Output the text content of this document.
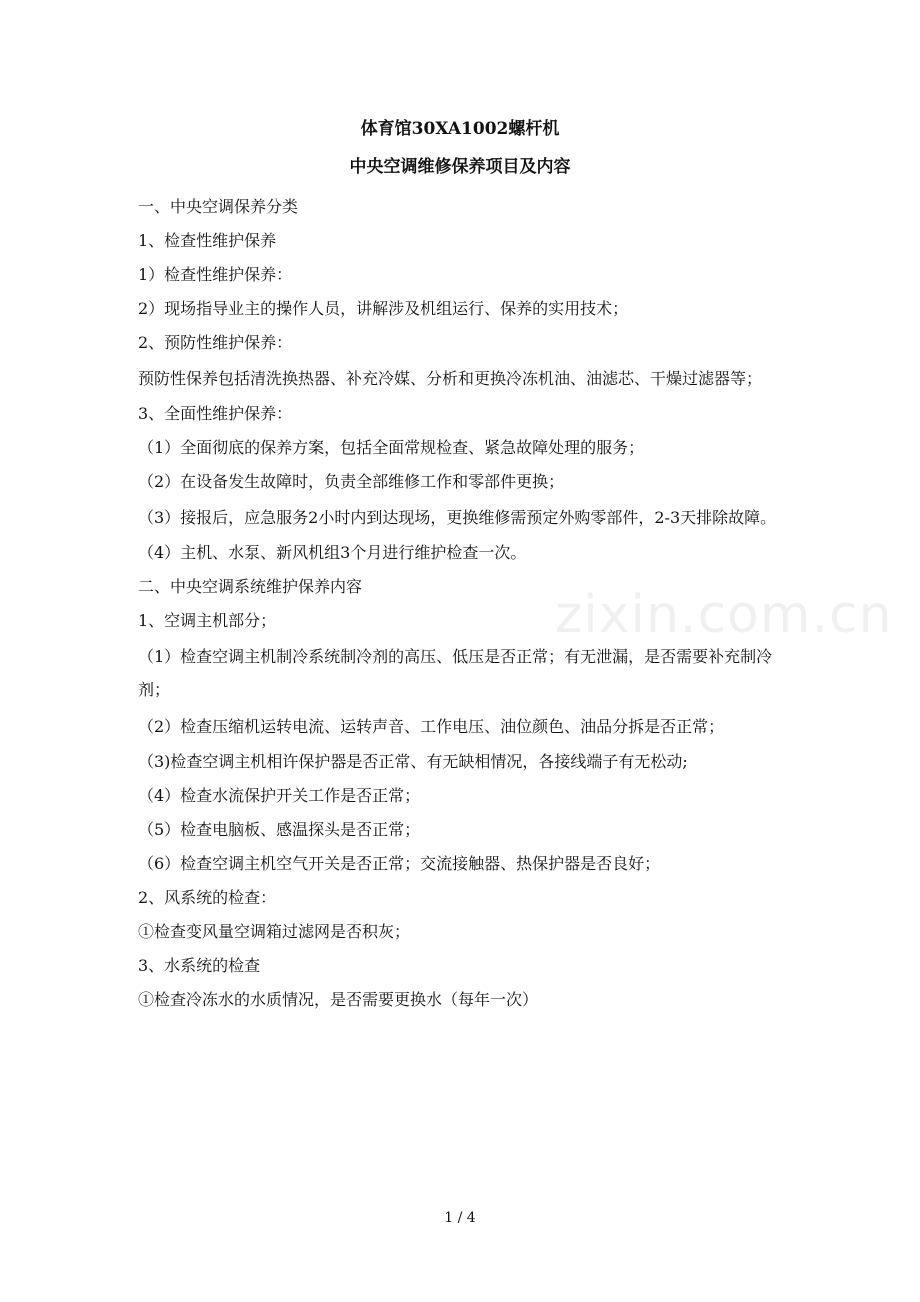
体育馆30XA1002螺杆机
中央空调维修保养项目及内容

一、中央空调保养分类

1、检查性维护保养

1）检查性维护保养：

2）现场指导业主的操作人员，讲解涉及机组运行、保养的实用技术；

2、预防性维护保养：

预防性保养包括清洗换热器、补充冷媒、分析和更换冷冻机油、油滤芯、干燥过滤器等；

3、全面性维护保养：

（1）全面彻底的保养方案，包括全面常规检查、紧急故障处理的服务；

（2）在设备发生故障时，负责全部维修工作和零部件更换；

（3）接报后，应急服务2小时内到达现场，更换维修需预定外购零部件，2-3天排除故障。

（4）主机、水泵、新风机组3个月进行维护检查一次。

二、中央空调系统维护保养内容

1、空调主机部分；

（1）检查空调主机制冷系统制冷剂的高压、低压是否正常；有无泄漏，是否需要补充制冷剂；

（2）检查压缩机运转电流、运转声音、工作电压、油位颜色、油品分拆是否正常；

（3)检查空调主机相许保护器是否正常、有无缺相情况，各接线端子有无松动;

（4）检查水流保护开关工作是否正常；

（5）检查电脑板、感温探头是否正常；

（6）检查空调主机空气开关是否正常；交流接触器、热保护器是否良好；

2、风系统的检查：

①检查变风量空调箱过滤网是否积灰；

3、水系统的检查

①检查冷冻水的水质情况，是否需要更换水（每年一次）

zixin.com.cn
1 / 4
